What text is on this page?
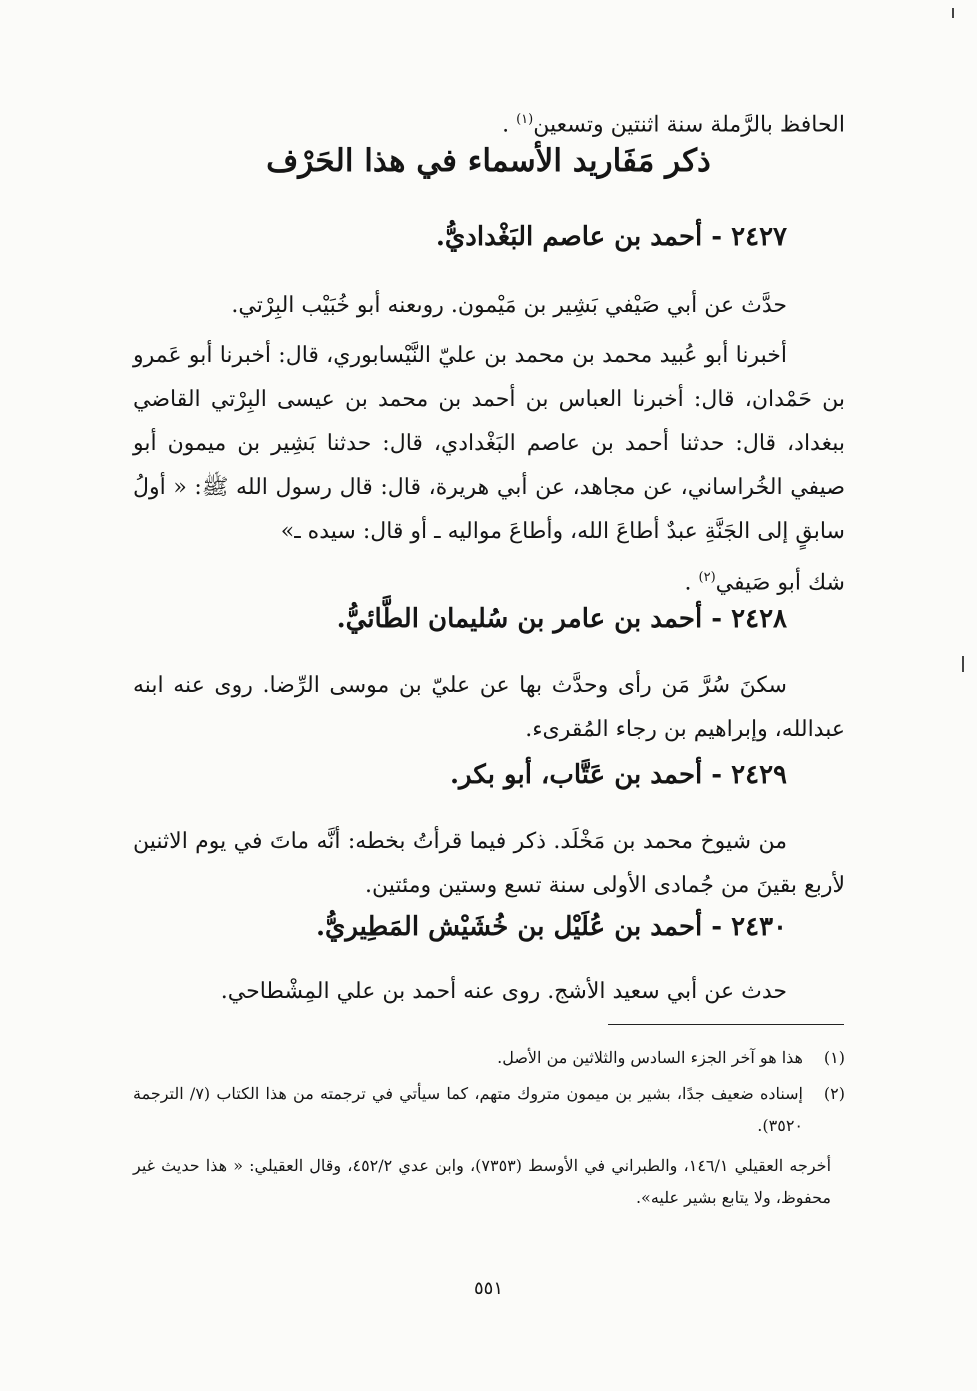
الحافظ بالرَّملة سنة اثنتين وتسعين$^{(١)}$ .
ذكر مَفَاريد الأسماء في هذا الحَرْف
٢٤٢٧ - أحمد بن عاصم البَغْداديُّ.
حدَّث عن أبي صَيْفي بَشِير بن مَيْمون. روىعنه أبو خُبَيْب البِرْتي.
أخبرنا أبو عُبيد محمد بن محمد بن عليّ النَّيْسابوري، قال: أخبرنا أبو عَمرو بن حَمْدان، قال: أخبرنا العباس بن أحمد بن محمد بن عيسى البِرْتي القاضي ببغداد، قال: حدثنا أحمد بن عاصم البَغْدادي، قال: حدثنا بَشِير بن ميمون أبو صيفي الخُراساني، عن مجاهد، عن أبي هريرة، قال: قال رسول الله ﷺ: « أولُ سابقٍ إلى الجَنَّةِ عبدٌ أطاعَ الله، وأطاعَ مواليه ـ أو قال: سيده ـ»
شك أبو صَيفي$^{(٢)}$ .
٢٤٢٨ - أحمد بن عامر بن سُليمان الطَّائيُّ.
سكنَ سُرَّ مَن رأى وحدَّث بها عن عليّ بن موسى الرِّضا. روى عنه ابنه عبدالله، وإبراهيم بن رجاء المُقرىء.
٢٤٢٩ - أحمد بن عَتَّاب، أبو بكر.
من شيوخ محمد بن مَخْلَد. ذكر فيما قرأتُ بخطه: أنَّه ماتَ في يوم الاثنين لأربع بقينَ من جُمادى الأولى سنة تسع وستين ومئتين.
٢٤٣٠ - أحمد بن عُلَيْل بن خُشَيْش المَطِيريُّ.
حدث عن أبي سعيد الأشج. روى عنه أحمد بن علي المِشْطاحي.
(١)
هذا هو آخر الجزء السادس والثلاثين من الأصل.
(٢)
إسناده ضعيف جدًا، بشير بن ميمون متروك متهم، كما سيأتي في ترجمته من هذا الكتاب (٧/ الترجمة ٣٥٢٠).
أخرجه العقيلي ١٤٦/١، والطبراني في الأوسط (٧٣٥٣)، وابن عدي ٤٥٢/٢، وقال العقيلي: « هذا حديث غير محفوظ، ولا يتابع بشير عليه».
٥٥١
